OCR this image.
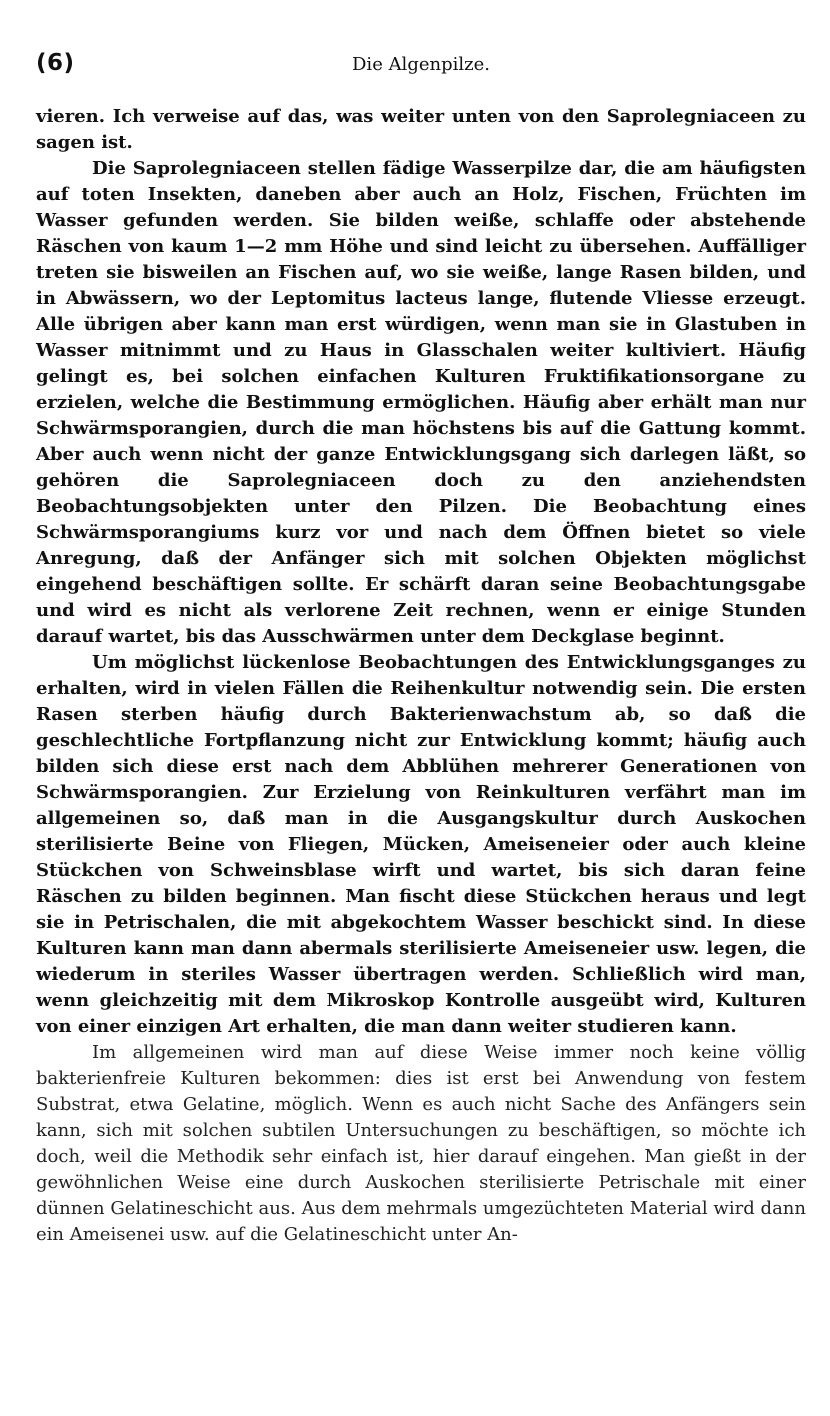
(6)	Die Algenpilze.

vieren. Ich verweise auf das, was weiter unten von den Saprolegniaceen zu sagen ist.

Die Saprolegniaceen stellen fädige Wasserpilze dar, die am häufigsten auf toten Insekten, daneben aber auch an Holz, Fischen, Früchten im Wasser gefunden werden. Sie bilden weiße, schlaffe oder abstehende Räschen von kaum 1—2 mm Höhe und sind leicht zu übersehen. Auffälliger treten sie bisweilen an Fischen auf, wo sie weiße, lange Rasen bilden, und in Abwässern, wo der Leptomitus lacteus lange, flutende Vliesse erzeugt. Alle übrigen aber kann man erst würdigen, wenn man sie in Glastuben in Wasser mitnimmt und zu Haus in Glasschalen weiter kultiviert. Häufig gelingt es, bei solchen einfachen Kulturen Fruktifikationsorgane zu erzielen, welche die Bestimmung ermöglichen. Häufig aber erhält man nur Schwärmsporangien, durch die man höchstens bis auf die Gattung kommt. Aber auch wenn nicht der ganze Entwicklungsgang sich darlegen läßt, so gehören die Saprolegniaceen doch zu den anziehendsten Beobachtungsobjekten unter den Pilzen. Die Beobachtung eines Schwärmsporangiums kurz vor und nach dem Öffnen bietet so viele Anregung, daß der Anfänger sich mit solchen Objekten möglichst eingehend beschäftigen sollte. Er schärft daran seine Beobachtungsgabe und wird es nicht als verlorene Zeit rechnen, wenn er einige Stunden darauf wartet, bis das Ausschwärmen unter dem Deckglase beginnt.

Um möglichst lückenlose Beobachtungen des Entwicklungsganges zu erhalten, wird in vielen Fällen die Reihenkultur notwendig sein. Die ersten Rasen sterben häufig durch Bakterienwachstum ab, so daß die geschlechtliche Fortpflanzung nicht zur Entwicklung kommt; häufig auch bilden sich diese erst nach dem Abblühen mehrerer Generationen von Schwärmsporangien. Zur Erzielung von Reinkulturen verfährt man im allgemeinen so, daß man in die Ausgangskultur durch Auskochen sterilisierte Beine von Fliegen, Mücken, Ameiseneier oder auch kleine Stückchen von Schweinsblase wirft und wartet, bis sich daran feine Räschen zu bilden beginnen. Man fischt diese Stückchen heraus und legt sie in Petrischalen, die mit abgekochtem Wasser beschickt sind. In diese Kulturen kann man dann abermals sterilisierte Ameiseneier usw. legen, die wiederum in steriles Wasser übertragen werden. Schließlich wird man, wenn gleichzeitig mit dem Mikroskop Kontrolle ausgeübt wird, Kulturen von einer einzigen Art erhalten, die man dann weiter studieren kann.

Im allgemeinen wird man auf diese Weise immer noch keine völlig bakterienfreie Kulturen bekommen: dies ist erst bei Anwendung von festem Substrat, etwa Gelatine, möglich. Wenn es auch nicht Sache des Anfängers sein kann, sich mit solchen subtilen Untersuchungen zu beschäftigen, so möchte ich doch, weil die Methodik sehr einfach ist, hier darauf eingehen. Man gießt in der gewöhnlichen Weise eine durch Auskochen sterilisierte Petrischale mit einer dünnen Gelatineschicht aus. Aus dem mehrmals umgezüchteten Material wird dann ein Ameisenei usw. auf die Gelatineschicht unter An-
